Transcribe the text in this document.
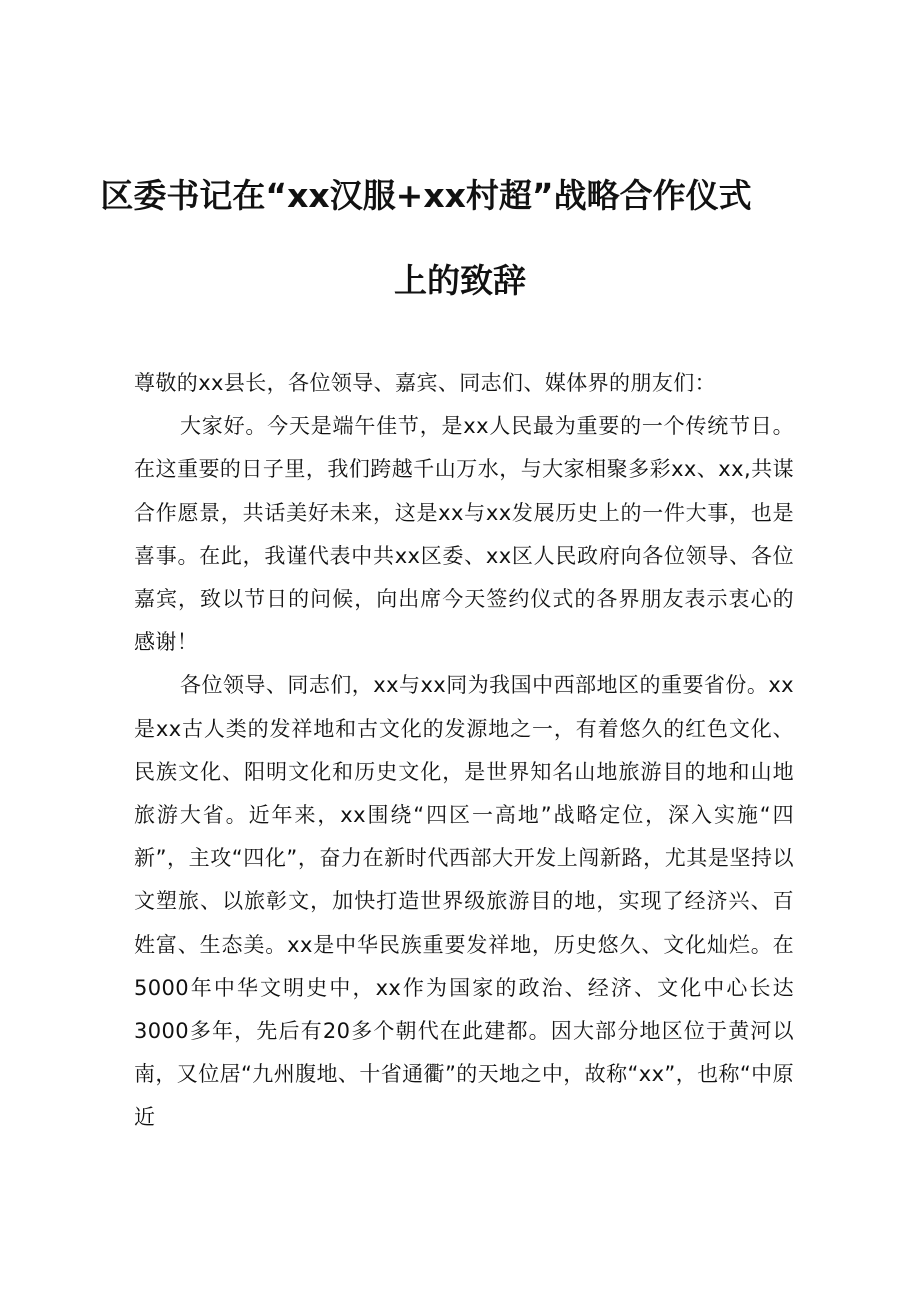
区委书记在“xx汉服+xx村超”战略合作仪式
上的致辞

尊敬的xx县长，各位领导、嘉宾、同志们、媒体界的朋友们：

大家好。今天是端午佳节，是xx人民最为重要的一个传统节日。在这重要的日子里，我们跨越千山万水，与大家相聚多彩xx、xx,共谋合作愿景，共话美好未来，这是xx与xx发展历史上的一件大事，也是喜事。在此，我谨代表中共xx区委、xx区人民政府向各位领导、各位嘉宾，致以节日的问候，向出席今天签约仪式的各界朋友表示衷心的感谢！

各位领导、同志们，xx与xx同为我国中西部地区的重要省份。xx是xx古人类的发祥地和古文化的发源地之一，有着悠久的红色文化、民族文化、阳明文化和历史文化，是世界知名山地旅游目的地和山地旅游大省。近年来，xx围绕“四区一高地”战略定位，深入实施“四新”，主攻“四化”，奋力在新时代西部大开发上闯新路，尤其是坚持以文塑旅、以旅彰文，加快打造世界级旅游目的地，实现了经济兴、百姓富、生态美。xx是中华民族重要发祥地，历史悠久、文化灿烂。在5000年中华文明史中，xx作为国家的政治、经济、文化中心长达3000多年，先后有20多个朝代在此建都。因大部分地区位于黄河以南，又位居“九州腹地、十省通衢”的天地之中，故称“xx”，也称“中原近
